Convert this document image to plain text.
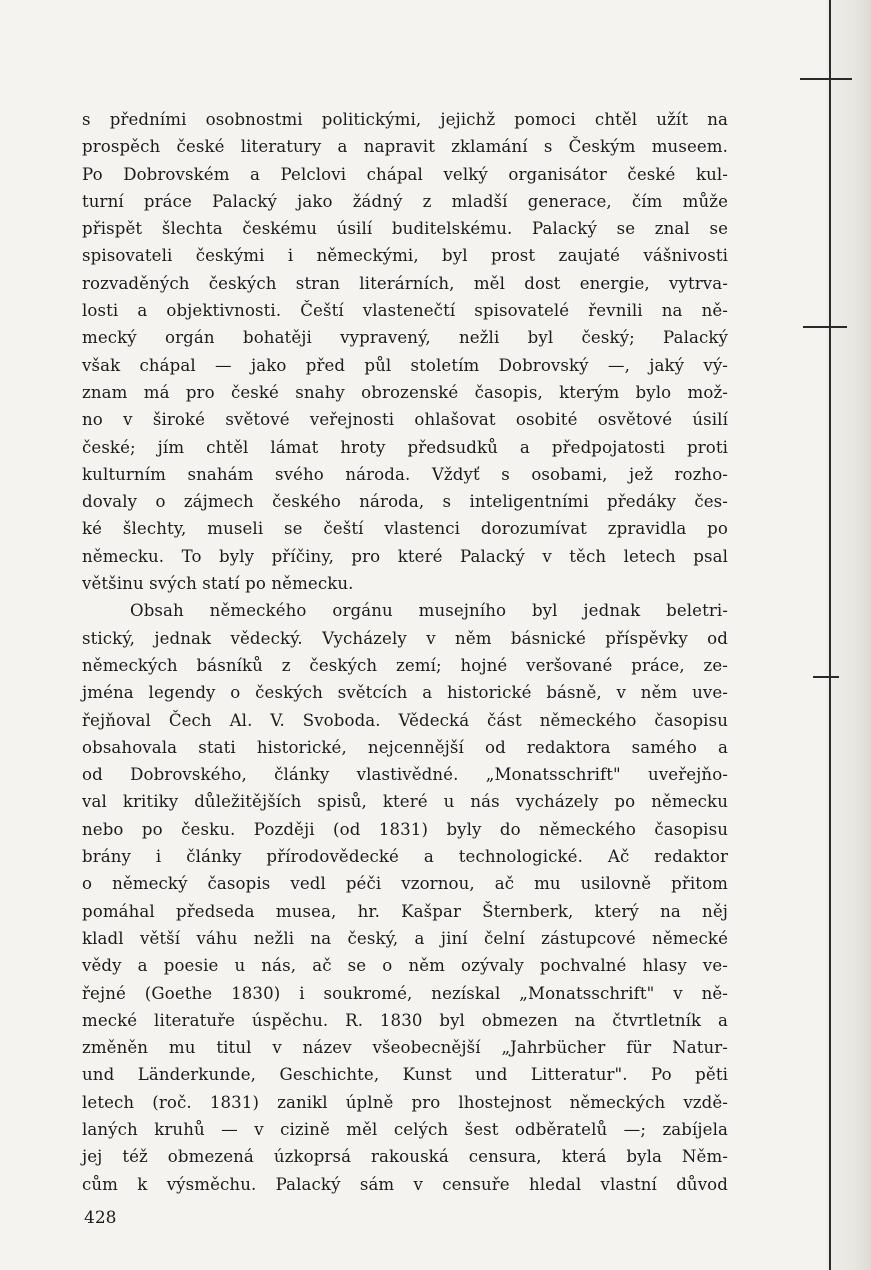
s předními osobnostmi politickými, jejichž pomoci chtěl užít na
prospěch české literatury a napravit zklamání s Českým museem.
Po Dobrovském a Pelclovi chápal velký organisátor české kul-
turní práce Palacký jako žádný z mladší generace, čím může
přispět šlechta českému úsilí buditelskému. Palacký se znal se
spisovateli českými i německými, byl prost zaujaté vášnivosti
rozvaděných českých stran literárních, měl dost energie, vytrva-
losti a objektivnosti. Čeští vlastenečtí spisovatelé řevnili na ně-
mecký orgán bohatěji vypravený, nežli byl český; Palacký
však chápal — jako před půl stoletím Dobrovský —, jaký vý-
znam má pro české snahy obrozenské časopis, kterým bylo mož-
no v široké světové veřejnosti ohlašovat osobité osvětové úsilí
české; jím chtěl lámat hroty předsudků a předpojatosti proti
kulturním snahám svého národa. Vždyť s osobami, jež rozho-
dovaly o zájmech českého národa, s inteligentními předáky čes-
ké šlechty, museli se čeští vlastenci dorozumívat zpravidla po
německu. To byly příčiny, pro které Palacký v těch letech psal
většinu svých statí po německu.
Obsah německého orgánu musejního byl jednak beletri-
stický, jednak vědecký. Vycházely v něm básnické příspěvky od
německých básníků z českých zemí; hojné veršované práce, ze-
jména legendy o českých světcích a historické básně, v něm uve-
řejňoval Čech Al. V. Svoboda. Vědecká část německého časopisu
obsahovala stati historické, nejcennější od redaktora samého a
od Dobrovského, články vlastivědné. „Monatsschrift" uveřejňo-
val kritiky důležitějších spisů, které u nás vycházely po německu
nebo po česku. Později (od 1831) byly do německého časopisu
brány i články přírodovědecké a technologické. Ač redaktor
o německý časopis vedl péči vzornou, ač mu usilovně přitom
pomáhal předseda musea, hr. Kašpar Šternberk, který na něj
kladl větší váhu nežli na český, a jiní čelní zástupcové německé
vědy a poesie u nás, ač se o něm ozývaly pochvalné hlasy ve-
řejné (Goethe 1830) i soukromé, nezískal „Monatsschrift" v ně-
mecké literatuře úspěchu. R. 1830 byl obmezen na čtvrtletník a
změněn mu titul v název všeobecnější „Jahrbücher für Natur-
und Länderkunde, Geschichte, Kunst und Litteratur". Po pěti
letech (roč. 1831) zanikl úplně pro lhostejnost německých vzdě-
laných kruhů — v cizině měl celých šest odběratelů —; zabíjela
jej též obmezená úzkoprsá rakouská censura, která byla Něm-
cům k výsměchu. Palacký sám v censuře hledal vlastní důvod
428
